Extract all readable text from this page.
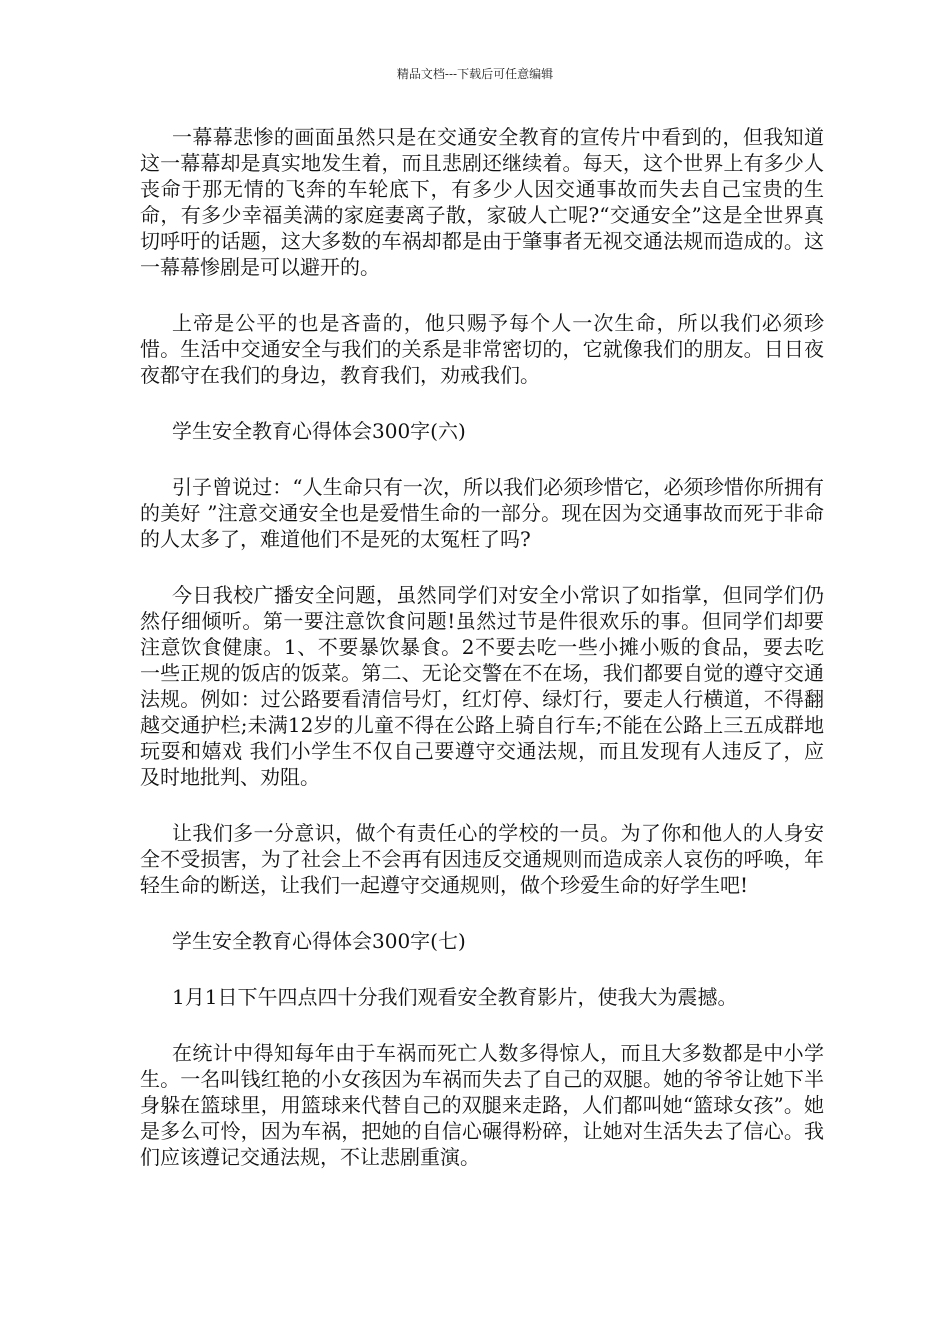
精品文档---下载后可任意编辑

一幕幕悲惨的画面虽然只是在交通安全教育的宣传片中看到的，但我知道这一幕幕却是真实地发生着，而且悲剧还继续着。每天，这个世界上有多少人丧命于那无情的飞奔的车轮底下，有多少人因交通事故而失去自己宝贵的生命，有多少幸福美满的家庭妻离子散，家破人亡呢?“交通安全”这是全世界真切呼吁的话题，这大多数的车祸却都是由于肇事者无视交通法规而造成的。这一幕幕惨剧是可以避开的。

上帝是公平的也是吝啬的，他只赐予每个人一次生命，所以我们必须珍惜。生活中交通安全与我们的关系是非常密切的，它就像我们的朋友。日日夜夜都守在我们的身边，教育我们，劝戒我们。

学生安全教育心得体会300字(六)

引子曾说过：“人生命只有一次，所以我们必须珍惜它，必须珍惜你所拥有的美好 ”注意交通安全也是爱惜生命的一部分。现在因为交通事故而死于非命的人太多了，难道他们不是死的太冤枉了吗?

今日我校广播安全问题，虽然同学们对安全小常识了如指掌，但同学们仍然仔细倾听。第一要注意饮食问题!虽然过节是件很欢乐的事。但同学们却要注意饮食健康。1、不要暴饮暴食。2不要去吃一些小摊小贩的食品，要去吃一些正规的饭店的饭菜。第二、无论交警在不在场，我们都要自觉的遵守交通法规。例如：过公路要看清信号灯，红灯停、绿灯行，要走人行横道，不得翻越交通护栏;未满12岁的儿童不得在公路上骑自行车;不能在公路上三五成群地玩耍和嬉戏 我们小学生不仅自己要遵守交通法规，而且发现有人违反了，应及时地批判、劝阻。

让我们多一分意识，做个有责任心的学校的一员。为了你和他人的人身安全不受损害，为了社会上不会再有因违反交通规则而造成亲人哀伤的呼唤，年轻生命的断送，让我们一起遵守交通规则，做个珍爱生命的好学生吧!

学生安全教育心得体会300字(七)

1月1日下午四点四十分我们观看安全教育影片，使我大为震撼。

在统计中得知每年由于车祸而死亡人数多得惊人，而且大多数都是中小学生。一名叫钱红艳的小女孩因为车祸而失去了自己的双腿。她的爷爷让她下半身躲在篮球里，用篮球来代替自己的双腿来走路，人们都叫她“篮球女孩”。她是多么可怜，因为车祸，把她的自信心碾得粉碎，让她对生活失去了信心。我们应该遵记交通法规，不让悲剧重演。
